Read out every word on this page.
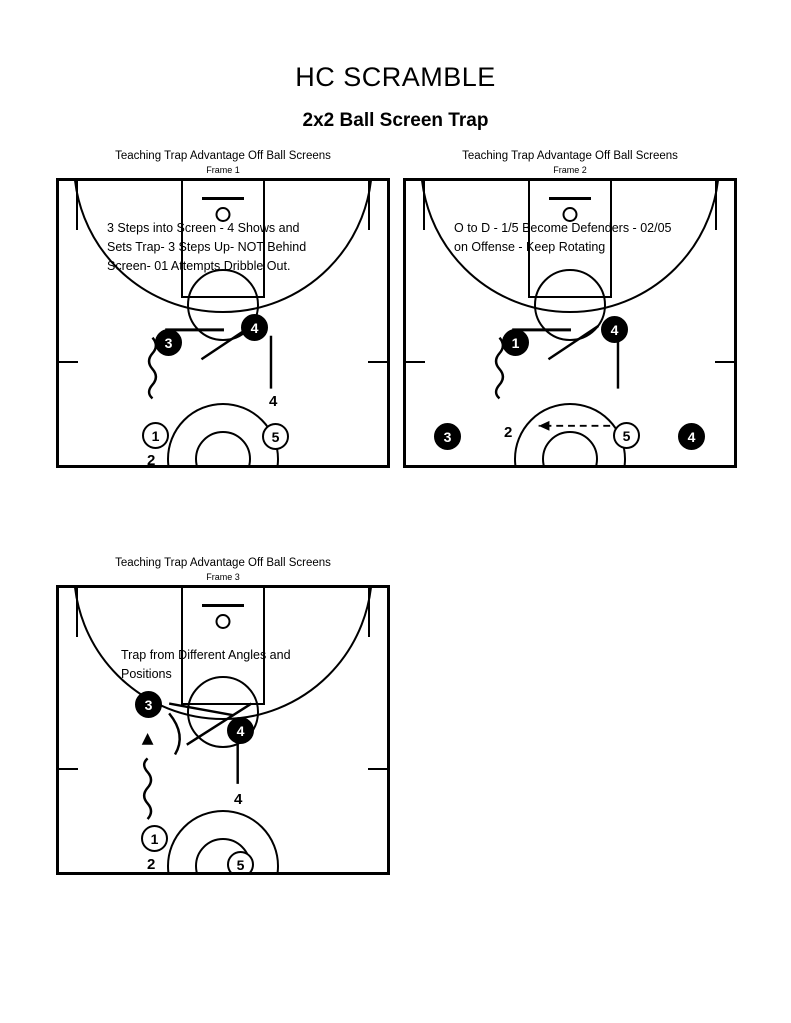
HC SCRAMBLE
2x2 Ball Screen Trap
Teaching Trap Advantage Off Ball Screens
Frame 1
3 Steps into Screen - 4 Shows and Sets Trap- 3 Steps Up- NOT Behind Screen- 01 Attempts Dribble Out.
4
3
1	5
4
2
Teaching Trap Advantage Off Ball Screens
Frame 2
O to D - 1/5 Become Defenders - 02/05 on Offense - Keep Rotating
1
4
3	5	4
2
Teaching Trap Advantage Off Ball Screens
Frame 3
Trap from Different Angles and Positions
3
4
1
5
4
2
